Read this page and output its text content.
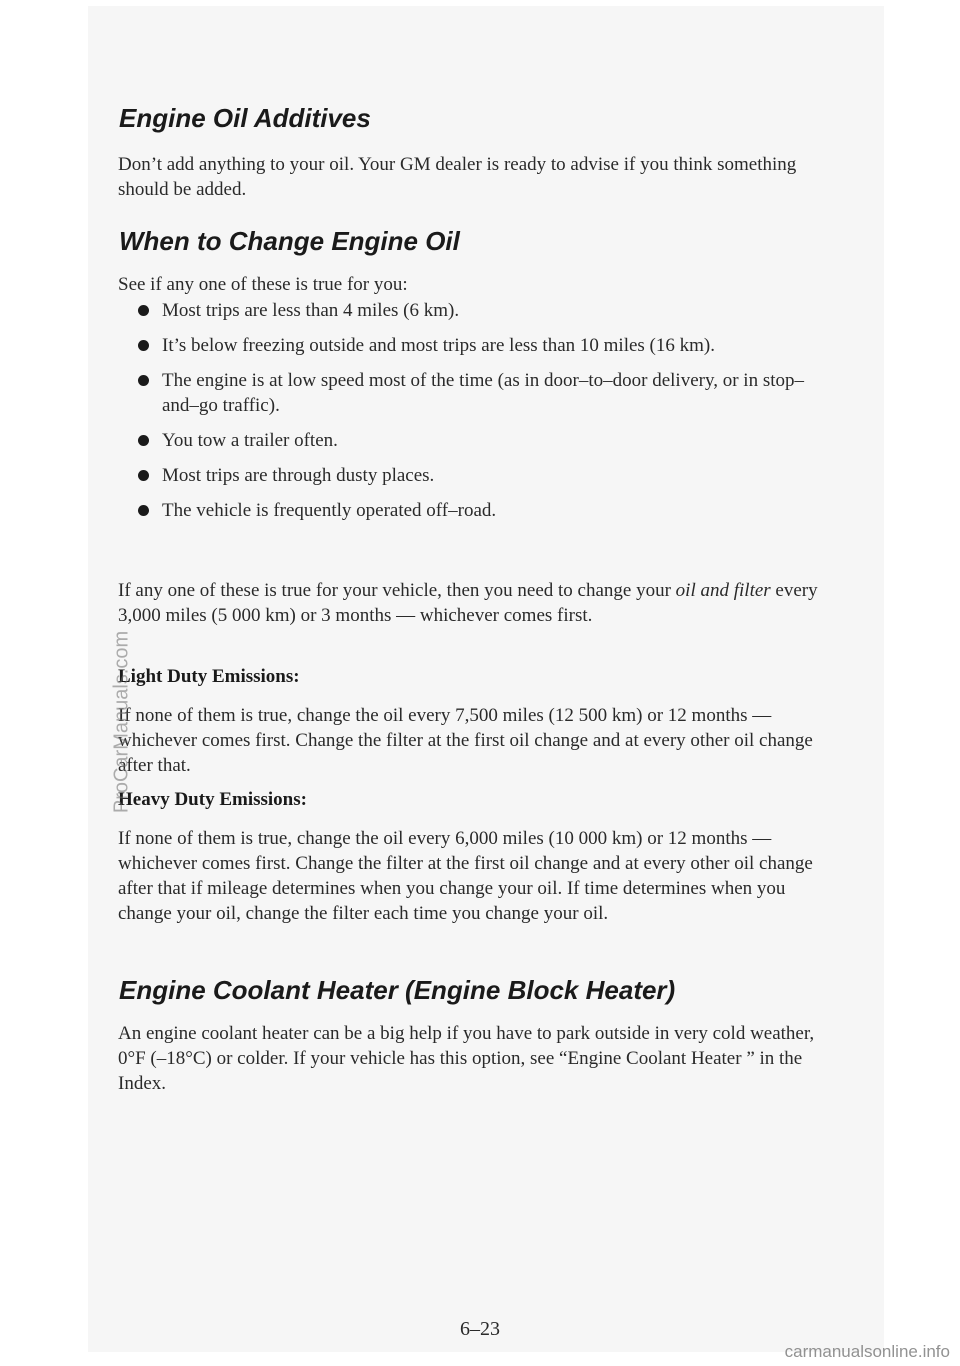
Engine Oil Additives

Don’t add anything to your oil. Your GM dealer is ready to advise if you think something should be added.

When to Change Engine Oil

See if any one of these is true for you:

Most trips are less than 4 miles (6 km).
It’s below freezing outside and most trips are less than 10 miles (16 km).
The engine is at low speed most of the time (as in door–to–door delivery, or in stop–and–go traffic).
You tow a trailer often.
Most trips are through dusty places.
The vehicle is frequently operated off–road.

If any one of these is true for your vehicle, then you need to change your oil and filter every 3,000 miles (5 000 km) or 3 months — whichever comes first.

Light Duty Emissions:

If none of them is true, change the oil every 7,500 miles (12 500 km) or 12 months — whichever comes first. Change the filter at the first oil change and at every other oil change after that.

Heavy Duty Emissions:

If none of them is true, change the oil every 6,000 miles (10 000 km) or 12 months — whichever comes first. Change the filter at the first oil change and at every other oil change after that if mileage determines when you change your oil. If time determines when you change your oil, change the filter each time you change your oil.

Engine Coolant Heater (Engine Block Heater)

An engine coolant heater can be a big help if you have to park outside in very cold weather, 0°F (–18°C) or colder. If your vehicle has this option, see “Engine Coolant Heater ” in the Index.

6–23
ProCarManuals.com
carmanualsonline.info
